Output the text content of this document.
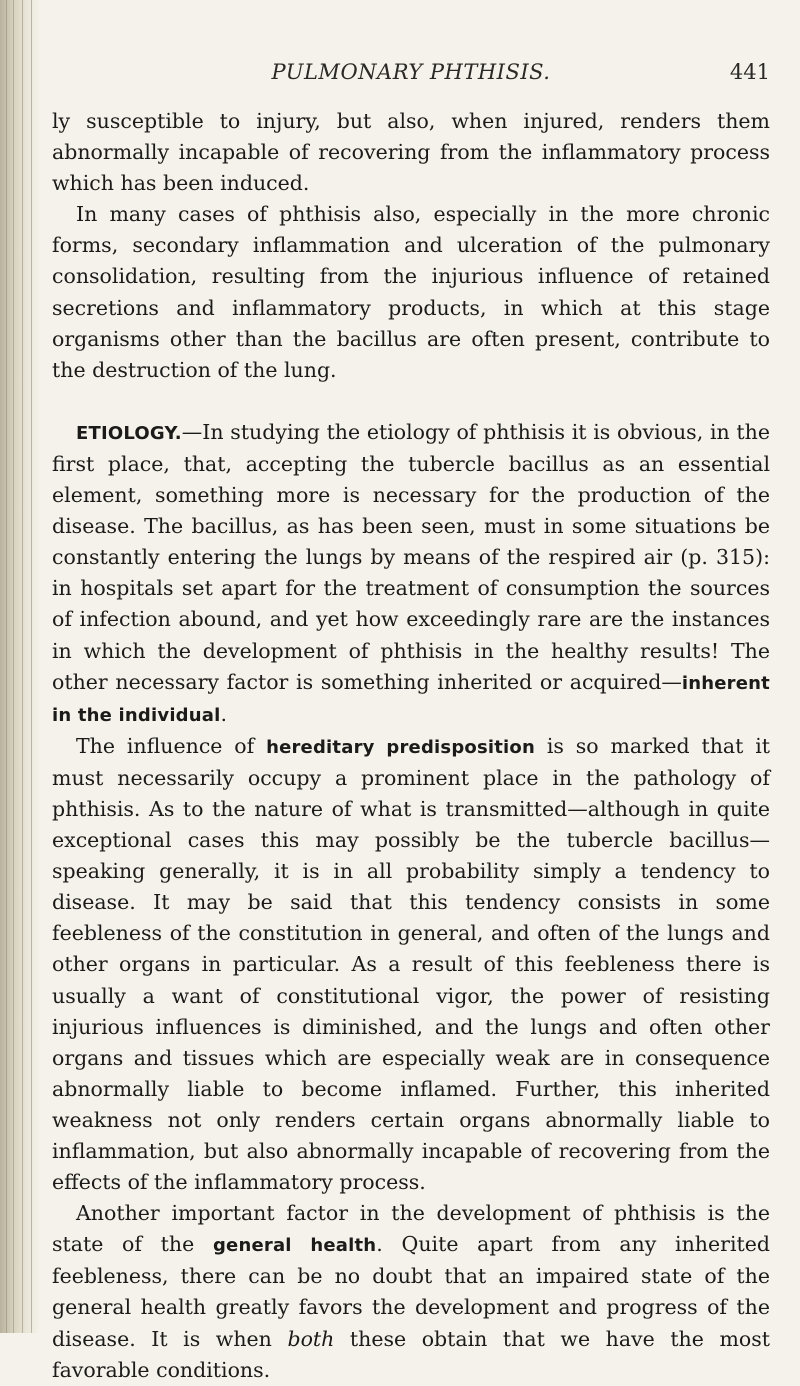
PULMONARY PHTHISIS.	441

ly susceptible to injury, but also, when injured, renders them abnormally incapable of recovering from the inflammatory process which has been induced.

In many cases of phthisis also, especially in the more chronic forms, secondary inflammation and ulceration of the pulmonary consolidation, resulting from the injurious influence of retained secretions and inflammatory products, in which at this stage organisms other than the bacillus are often present, contribute to the destruction of the lung.

ETIOLOGY.—In studying the etiology of phthisis it is obvious, in the first place, that, accepting the tubercle bacillus as an essential element, something more is necessary for the production of the disease. The bacillus, as has been seen, must in some situations be constantly entering the lungs by means of the respired air (p. 315): in hospitals set apart for the treatment of consumption the sources of infection abound, and yet how exceedingly rare are the instances in which the development of phthisis in the healthy results! The other necessary factor is something inherited or acquired—inherent in the individual.

The influence of hereditary predisposition is so marked that it must necessarily occupy a prominent place in the pathology of phthisis. As to the nature of what is transmitted—although in quite exceptional cases this may possibly be the tubercle bacillus—speaking generally, it is in all probability simply a tendency to disease. It may be said that this tendency consists in some feebleness of the constitution in general, and often of the lungs and other organs in particular. As a result of this feebleness there is usually a want of constitutional vigor, the power of resisting injurious influences is diminished, and the lungs and often other organs and tissues which are especially weak are in consequence abnormally liable to become inflamed. Further, this inherited weakness not only renders certain organs abnormally liable to inflammation, but also abnormally incapable of recovering from the effects of the inflammatory process.

Another important factor in the development of phthisis is the state of the general health. Quite apart from any inherited feebleness, there can be no doubt that an impaired state of the general health greatly favors the development and progress of the disease. It is when both these obtain that we have the most favorable conditions.
